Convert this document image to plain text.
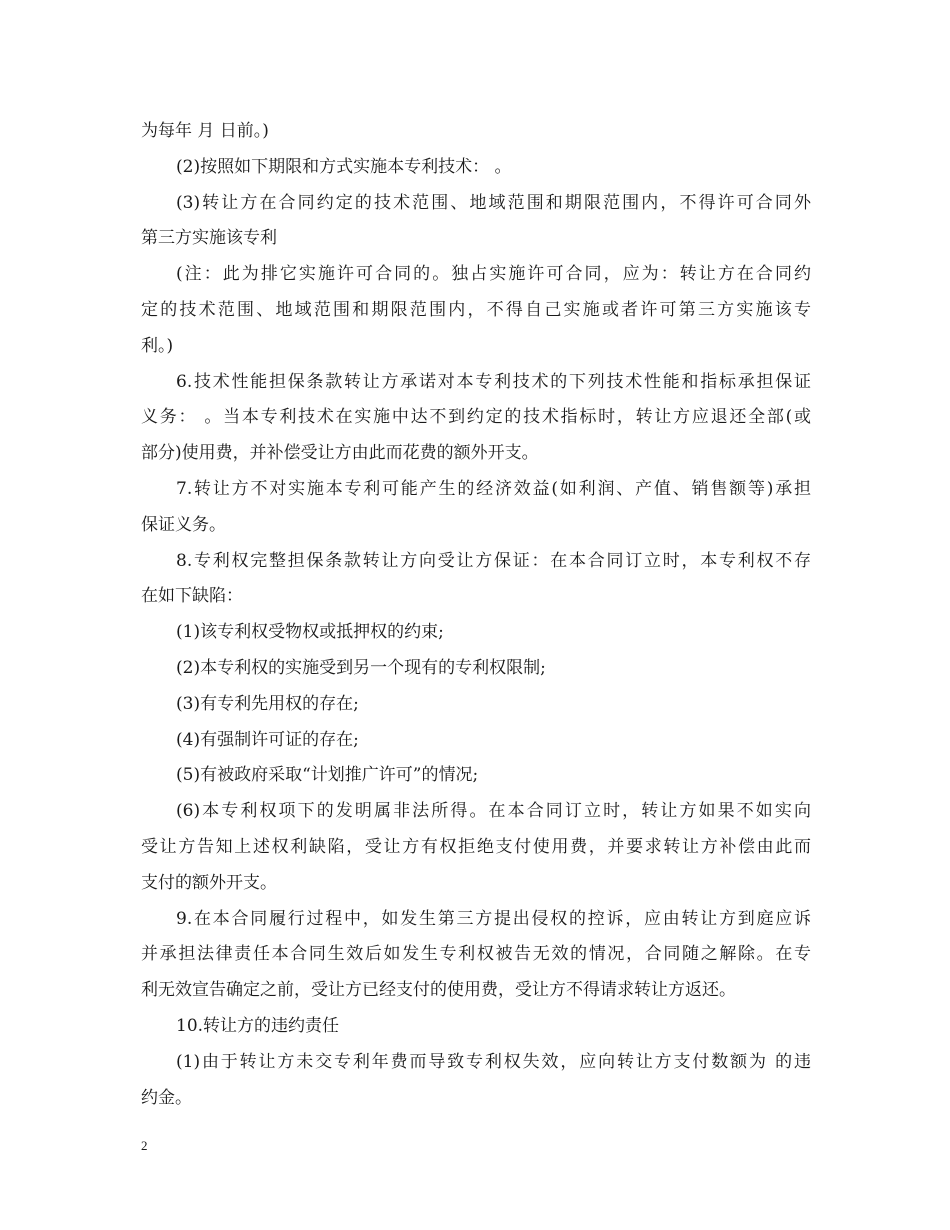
为每年 月 日前。)
(2)按照如下期限和方式实施本专利技术： 。
(3)转让方在合同约定的技术范围、地域范围和期限范围内，不得许可合同外
第三方实施该专利
(注：此为排它实施许可合同的。独占实施许可合同，应为：转让方在合同约
定的技术范围、地域范围和期限范围内，不得自己实施或者许可第三方实施该专
利。)
6.技术性能担保条款转让方承诺对本专利技术的下列技术性能和指标承担保证
义务： 。当本专利技术在实施中达不到约定的技术指标时，转让方应退还全部(或
部分)使用费，并补偿受让方由此而花费的额外开支。
7.转让方不对实施本专利可能产生的经济效益(如利润、产值、销售额等)承担
保证义务。
8.专利权完整担保条款转让方向受让方保证：在本合同订立时，本专利权不存
在如下缺陷：
(1)该专利权受物权或抵押权的约束;
(2)本专利权的实施受到另一个现有的专利权限制;
(3)有专利先用权的存在;
(4)有强制许可证的存在;
(5)有被政府采取“计划推广许可”的情况;
(6)本专利权项下的发明属非法所得。在本合同订立时，转让方如果不如实向
受让方告知上述权利缺陷，受让方有权拒绝支付使用费，并要求转让方补偿由此而
支付的额外开支。
9.在本合同履行过程中，如发生第三方提出侵权的控诉，应由转让方到庭应诉
并承担法律责任本合同生效后如发生专利权被告无效的情况，合同随之解除。在专
利无效宣告确定之前，受让方已经支付的使用费，受让方不得请求转让方返还。
10.转让方的违约责任
(1)由于转让方未交专利年费而导致专利权失效，应向转让方支付数额为 的违
约金。
2
